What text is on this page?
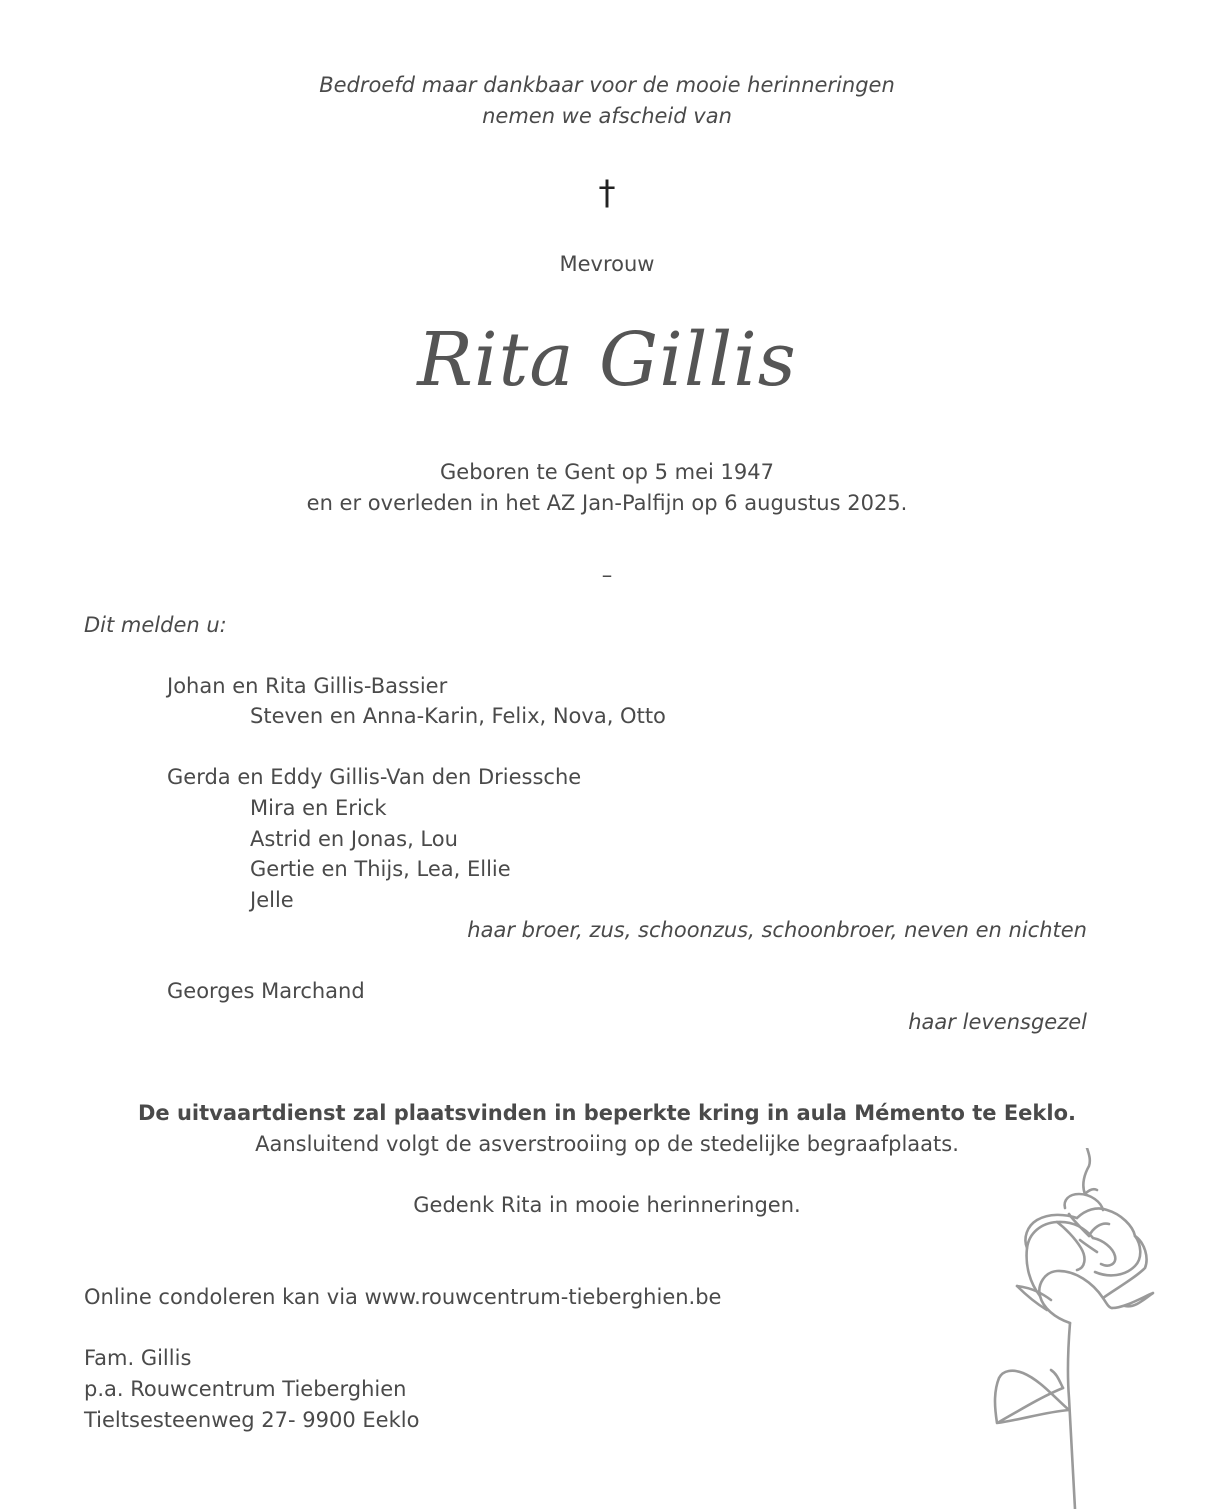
Bedroefd maar dankbaar voor de mooie herinneringen
nemen we afscheid van
†
Mevrouw
Rita Gillis
Geboren te Gent op 5 mei 1947
en er overleden in het AZ Jan-Palfijn op 6 augustus 2025.
–
Dit melden u:
Johan en Rita Gillis-Bassier
Steven en Anna-Karin, Felix, Nova, Otto
Gerda en Eddy Gillis-Van den Driessche
Mira en Erick
Astrid en Jonas, Lou
Gertie en Thijs, Lea, Ellie
Jelle
haar broer, zus, schoonzus, schoonbroer, neven en nichten
Georges Marchand
haar levensgezel
De uitvaartdienst zal plaatsvinden in beperkte kring in aula Mémento te Eeklo.
Aansluitend volgt de asverstrooiing op de stedelijke begraafplaats.
Gedenk Rita in mooie herinneringen.
Online condoleren kan via www.rouwcentrum-tieberghien.be
Fam. Gillis
p.a. Rouwcentrum Tieberghien
Tieltsesteenweg 27- 9900 Eeklo
